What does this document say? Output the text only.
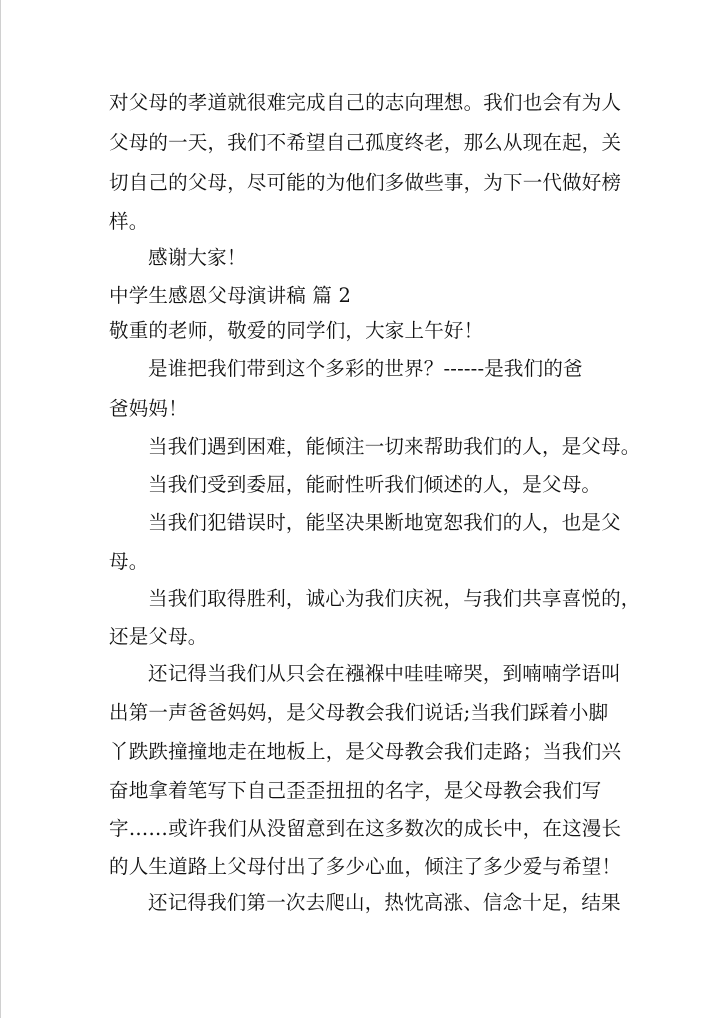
对父母的孝道就很难完成自己的志向理想。我们也会有为人
父母的一天，我们不希望自己孤度终老，那么从现在起，关
切自己的父母，尽可能的为他们多做些事，为下一代做好榜
样。
感谢大家！
中学生感恩父母演讲稿 篇 2
敬重的老师，敬爱的同学们，大家上午好！
是谁把我们带到这个多彩的世界？------是我们的爸
爸妈妈！
当我们遇到困难，能倾注一切来帮助我们的人，是父母。
当我们受到委屈，能耐性听我们倾述的人，是父母。
当我们犯错误时，能坚决果断地宽恕我们的人，也是父
母。
当我们取得胜利，诚心为我们庆祝，与我们共享喜悦的，
还是父母。
还记得当我们从只会在襁褓中哇哇啼哭，到喃喃学语叫
出第一声爸爸妈妈，是父母教会我们说话;当我们踩着小脚
丫跌跌撞撞地走在地板上，是父母教会我们走路；当我们兴
奋地拿着笔写下自己歪歪扭扭的名字，是父母教会我们写
字……或许我们从没留意到在这多数次的成长中，在这漫长
的人生道路上父母付出了多少心血，倾注了多少爱与希望！
还记得我们第一次去爬山，热忱高涨、信念十足，结果
